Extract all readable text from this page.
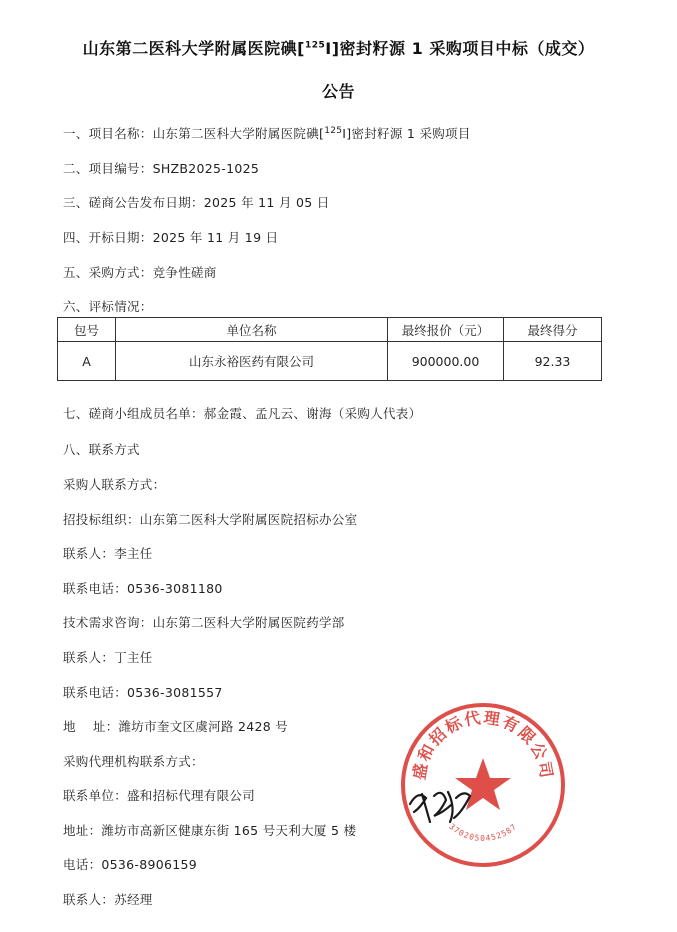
山东第二医科大学附属医院碘[$^{125}$I]密封籽源 1 采购项目中标（成交）
公告
一、项目名称：山东第二医科大学附属医院碘[$^{125}$I]密封籽源 1 采购项目
二、项目编号：SHZB2025-1025
三、磋商公告发布日期：2025 年 11 月 05 日
四、开标日期：2025 年 11 月 19 日
五、采购方式：竞争性磋商
六、评标情况：
包号	单位名称	最终报价（元）	最终得分
A	山东永裕医药有限公司	900000.00	92.33
七、磋商小组成员名单：郝金霞、孟凡云、谢海（采购人代表）
八、联系方式
采购人联系方式：
招投标组织：山东第二医科大学附属医院招标办公室
联系人：李主任
联系电话：0536-3081180
技术需求咨询：山东第二医科大学附属医院药学部
联系人：丁主任
联系电话：0536-3081557
地    址：潍坊市奎文区虞河路 2428 号
采购代理机构联系方式：
联系单位：盛和招标代理有限公司
地址：潍坊市高新区健康东街 165 号天利大厦 5 楼
电话：0536-8906159
联系人：苏经理
盛和招标代理有限公司
3702050452587
